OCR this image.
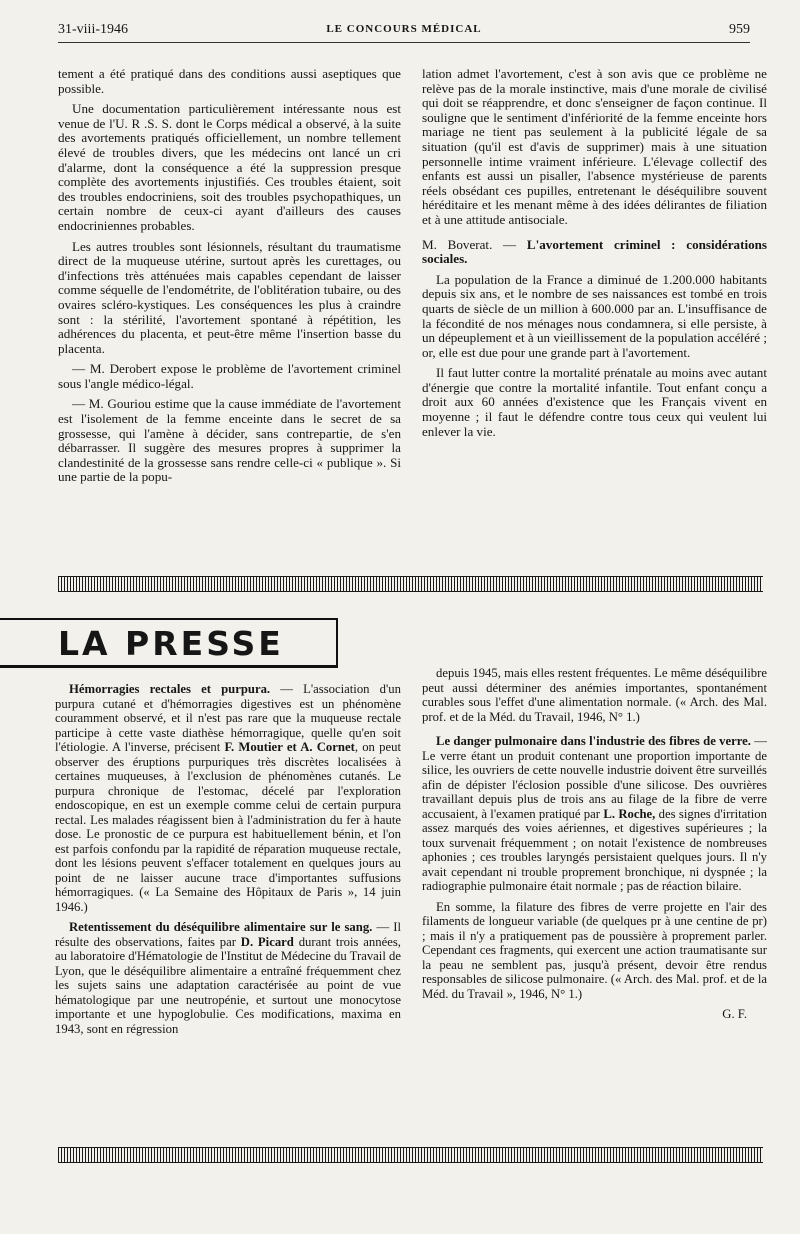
31-viii-1946	LE CONCOURS MÉDICAL	959

tement a été pratiqué dans des conditions aussi aseptiques que possible.

Une documentation particulièrement intéressante nous est venue de l'U. R .S. S. dont le Corps médical a observé, à la suite des avortements pratiqués officiellement, un nombre tellement élevé de troubles divers, que les médecins ont lancé un cri d'alarme, dont la conséquence a été la suppression presque complète des avortements injustifiés. Ces troubles étaient, soit des troubles endocriniens, soit des troubles psychopathiques, un certain nombre de ceux-ci ayant d'ailleurs des causes endocriniennes probables.

Les autres troubles sont lésionnels, résultant du traumatisme direct de la muqueuse utérine, surtout après les curettages, ou d'infections très atténuées mais capables cependant de laisser comme séquelle de l'endométrite, de l'oblitération tubaire, ou des ovaires scléro-kystiques. Les conséquences les plus à craindre sont : la stérilité, l'avortement spontané à répétition, les adhérences du placenta, et peut-être même l'insertion basse du placenta.

— M. Derobert expose le problème de l'avortement criminel sous l'angle médico-légal.

— M. Gouriou estime que la cause immédiate de l'avortement est l'isolement de la femme enceinte dans le secret de sa grossesse, qui l'amène à décider, sans contrepartie, de s'en débarrasser. Il suggère des mesures propres à supprimer la clandestinité de la grossesse sans rendre celle-ci « publique ». Si une partie de la popu-

lation admet l'avortement, c'est à son avis que ce problème ne relève pas de la morale instinctive, mais d'une morale de civilisé qui doit se réapprendre, et donc s'enseigner de façon continue. Il souligne que le sentiment d'infériorité de la femme enceinte hors mariage ne tient pas seulement à la publicité légale de sa situation (qu'il est d'avis de supprimer) mais à une situation personnelle intime vraiment inférieure. L'élevage collectif des enfants est aussi un pisaller, l'absence mystérieuse de parents réels obsédant ces pupilles, entretenant le déséquilibre souvent héréditaire et les menant même à des idées délirantes de filiation et à une attitude antisociale.

M. Boverat. — L'avortement criminel : considérations sociales.

La population de la France a diminué de 1.200.000 habitants depuis six ans, et le nombre de ses naissances est tombé en trois quarts de siècle de un million à 600.000 par an. L'insuffisance de la fécondité de nos ménages nous condamnera, si elle persiste, à un dépeuplement et à un vieillissement de la population accéléré ; or, elle est due pour une grande part à l'avortement.

Il faut lutter contre la mortalité prénatale au moins avec autant d'énergie que contre la mortalité infantile. Tout enfant conçu a droit aux 60 années d'existence que les Français vivent en moyenne ; il faut le défendre contre tous ceux qui veulent lui enlever la vie.

LA PRESSE

Hémorragies rectales et purpura. — L'association d'un purpura cutané et d'hémorragies digestives est un phénomène couramment observé, et il n'est pas rare que la muqueuse rectale participe à cette vaste diathèse hémorragique, quelle qu'en soit l'étiologie. A l'inverse, précisent F. Moutier et A. Cornet, on peut observer des éruptions purpuriques très discrètes localisées à certaines muqueuses, à l'exclusion de phénomènes cutanés. Le purpura chronique de l'estomac, décelé par l'exploration endoscopique, en est un exemple comme celui de certain purpura rectal. Les malades réagissent bien à l'administration du fer à haute dose. Le pronostic de ce purpura est habituellement bénin, et l'on est parfois confondu par la rapidité de réparation muqueuse rectale, dont les lésions peuvent s'effacer totalement en quelques jours au point de ne laisser aucune trace d'importantes suffusions hémorragiques. (« La Semaine des Hôpitaux de Paris », 14 juin 1946.)

Retentissement du déséquilibre alimentaire sur le sang. — Il résulte des observations, faites par D. Picard durant trois années, au laboratoire d'Hématologie de l'Institut de Médecine du Travail de Lyon, que le déséquilibre alimentaire a entraîné fréquemment chez les sujets sains une adaptation caractérisée au point de vue hématologique par une neutropénie, et surtout une monocytose importante et une hypoglobulie. Ces modifications, maxima en 1943, sont en régression

depuis 1945, mais elles restent fréquentes. Le même déséquilibre peut aussi déterminer des anémies importantes, spontanément curables sous l'effet d'une alimentation normale. (« Arch. des Mal. prof. et de la Méd. du Travail, 1946, N° 1.)

Le danger pulmonaire dans l'industrie des fibres de verre. — Le verre étant un produit contenant une proportion importante de silice, les ouvriers de cette nouvelle industrie doivent être surveillés afin de dépister l'éclosion possible d'une silicose. Des ouvrières travaillant depuis plus de trois ans au filage de la fibre de verre accusaient, à l'examen pratiqué par L. Roche, des signes d'irritation assez marqués des voies aériennes, et digestives supérieures ; la toux survenait fréquemment ; on notait l'existence de nombreuses aphonies ; ces troubles laryngés persistaient quelques jours. Il n'y avait cependant ni trouble proprement bronchique, ni dyspnée ; la radiographie pulmonaire était normale ; pas de réaction bilaire.

En somme, la filature des fibres de verre projette en l'air des filaments de longueur variable (de quelques pr à une centine de pr) ; mais il n'y a pratiquement pas de poussière à proprement parler. Cependant ces fragments, qui exercent une action traumatisante sur la peau ne semblent pas, jusqu'à présent, devoir être rendus responsables de silicose pulmonaire. (« Arch. des Mal. prof. et de la Méd. du Travail », 1946, N° 1.)

G. F.
